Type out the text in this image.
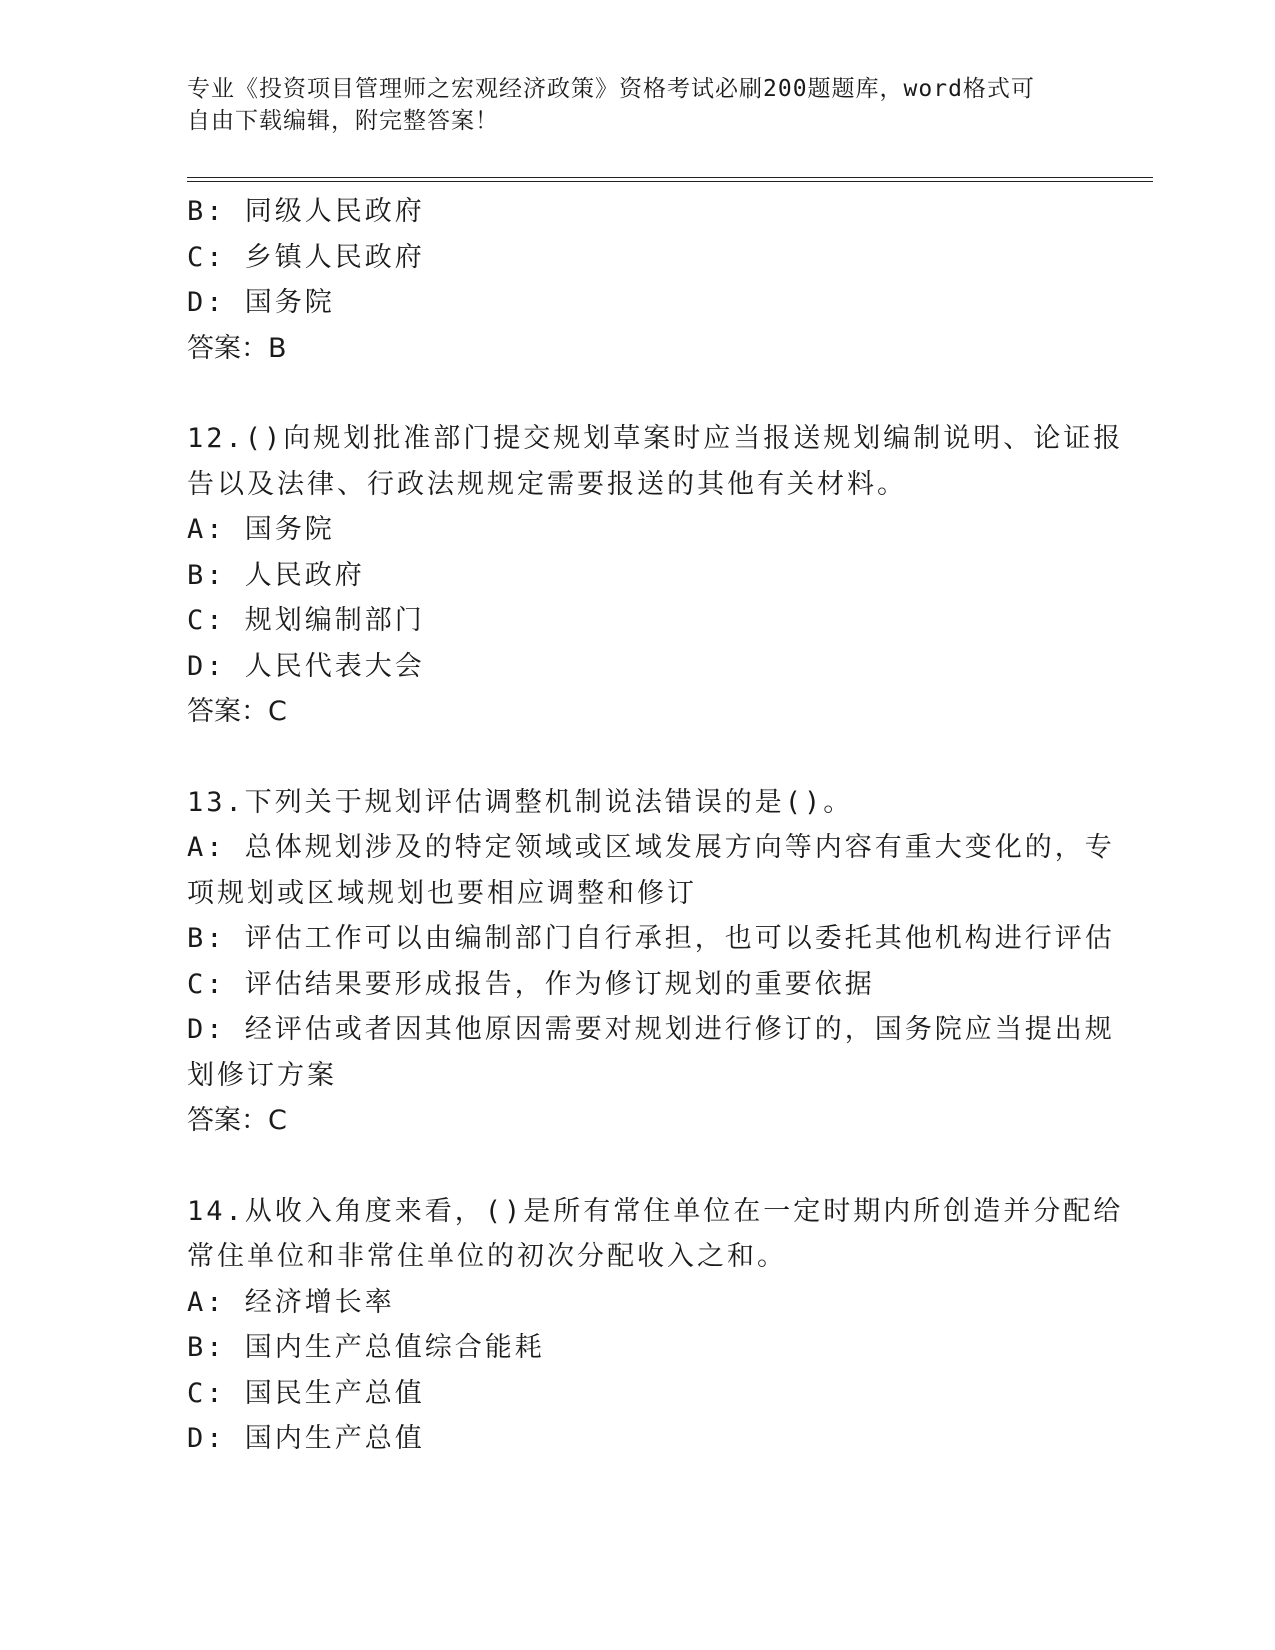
专业《投资项目管理师之宏观经济政策》资格考试必刷200题题库，word格式可
自由下载编辑，附完整答案！
B: 同级人民政府
C: 乡镇人民政府
D: 国务院
答案：B
12.()向规划批准部门提交规划草案时应当报送规划编制说明、论证报
告以及法律、行政法规规定需要报送的其他有关材料。
A: 国务院
B: 人民政府
C: 规划编制部门
D: 人民代表大会
答案：C
13.下列关于规划评估调整机制说法错误的是()。
A: 总体规划涉及的特定领域或区域发展方向等内容有重大变化的，专
项规划或区域规划也要相应调整和修订
B: 评估工作可以由编制部门自行承担，也可以委托其他机构进行评估
C: 评估结果要形成报告，作为修订规划的重要依据
D: 经评估或者因其他原因需要对规划进行修订的，国务院应当提出规
划修订方案
答案：C
14.从收入角度来看，()是所有常住单位在一定时期内所创造并分配给
常住单位和非常住单位的初次分配收入之和。
A: 经济增长率
B: 国内生产总值综合能耗
C: 国民生产总值
D: 国内生产总值
